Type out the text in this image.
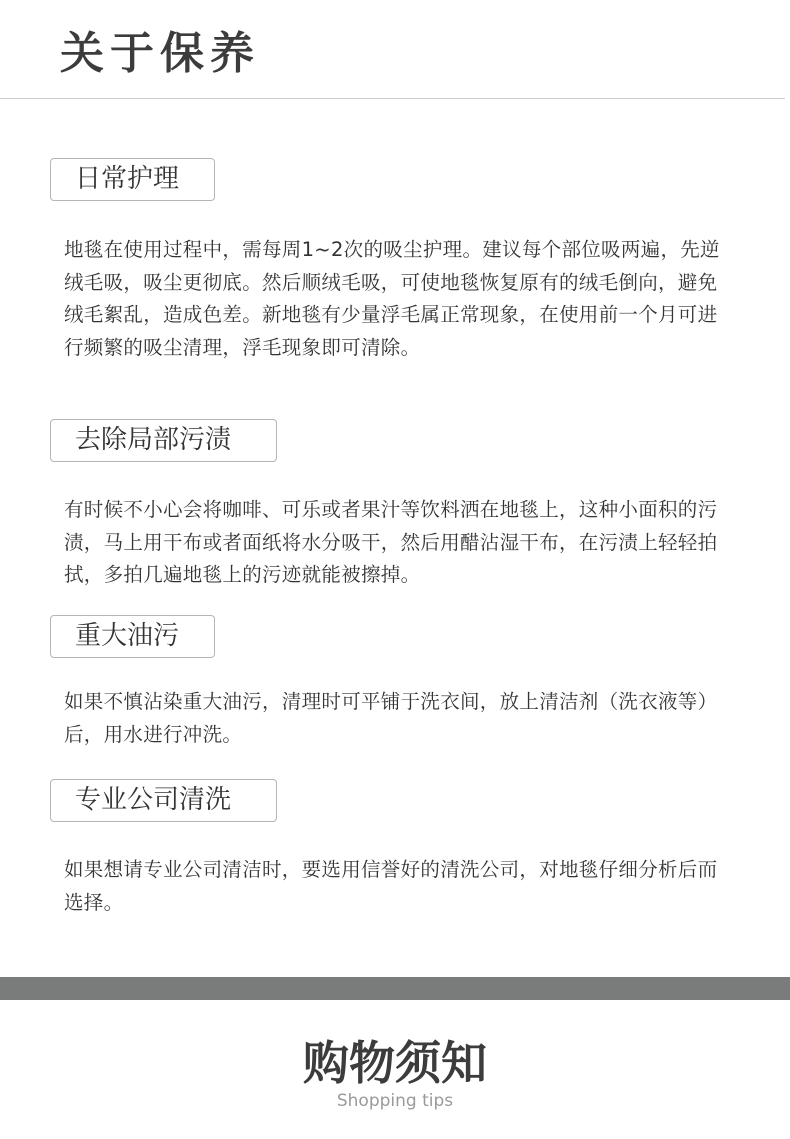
关于保养
日常护理

地毯在使用过程中，需每周1~2次的吸尘护理。建议每个部位吸两遍，先逆绒毛吸，吸尘更彻底。然后顺绒毛吸，可使地毯恢复原有的绒毛倒向，避免绒毛絮乱，造成色差。新地毯有少量浮毛属正常现象，在使用前一个月可进行频繁的吸尘清理，浮毛现象即可清除。

去除局部污渍

有时候不小心会将咖啡、可乐或者果汁等饮料洒在地毯上，这种小面积的污渍，马上用干布或者面纸将水分吸干，然后用醋沾湿干布，在污渍上轻轻拍拭，多拍几遍地毯上的污迹就能被擦掉。

重大油污

如果不慎沾染重大油污，清理时可平铺于洗衣间，放上清洁剂（洗衣液等）后，用水进行冲洗。

专业公司清洗

如果想请专业公司清洁时，要选用信誉好的清洗公司，对地毯仔细分析后而选择。

购物须知
Shopping tips
